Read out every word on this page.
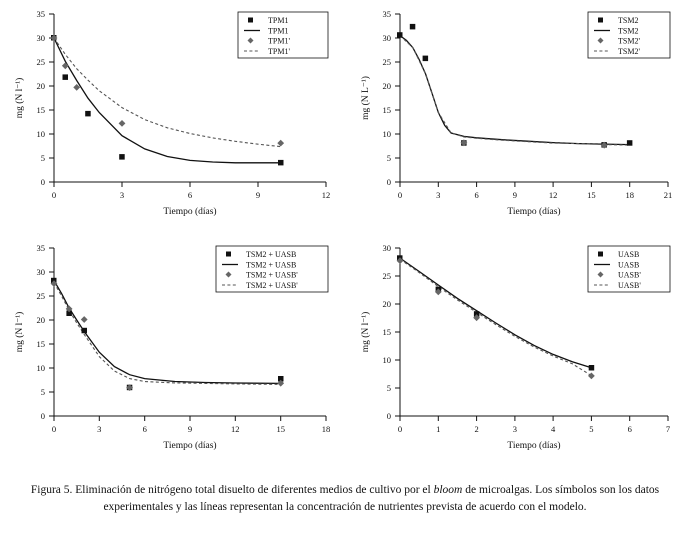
0
5
10
15
20
25
30
35
0	3	6	9	12
Tiempo (días)
mg (N l⁻¹)
TPM1
TPM1
TPM1'
TPM1'
0
5
10
15
20
25
30
35
0	3	6	9	12	15	18	21
Tiempo (días)
mg (N L⁻¹)
TSM2
TSM2
TSM2'
TSM2'
0
5
10
15
20
25
30
35
0	3	6	9	12	15	18
Tiempo (días)
mg (N l⁻¹)
TSM2 + UASB
TSM2 + UASB
TSM2 + UASB'
TSM2 + UASB'
0
5
10
15
20
25
30
0	1	2	3	4	5	6	7
Tiempo (días)
mg (N l⁻¹)
UASB
UASB
UASB'
UASB'
Figura 5. Eliminación de nitrógeno total disuelto de diferentes medios de cultivo por el bloom de microalgas. Los símbolos son los datos experimentales y las líneas representan la concentración de nutrientes prevista de acuerdo con el modelo.
